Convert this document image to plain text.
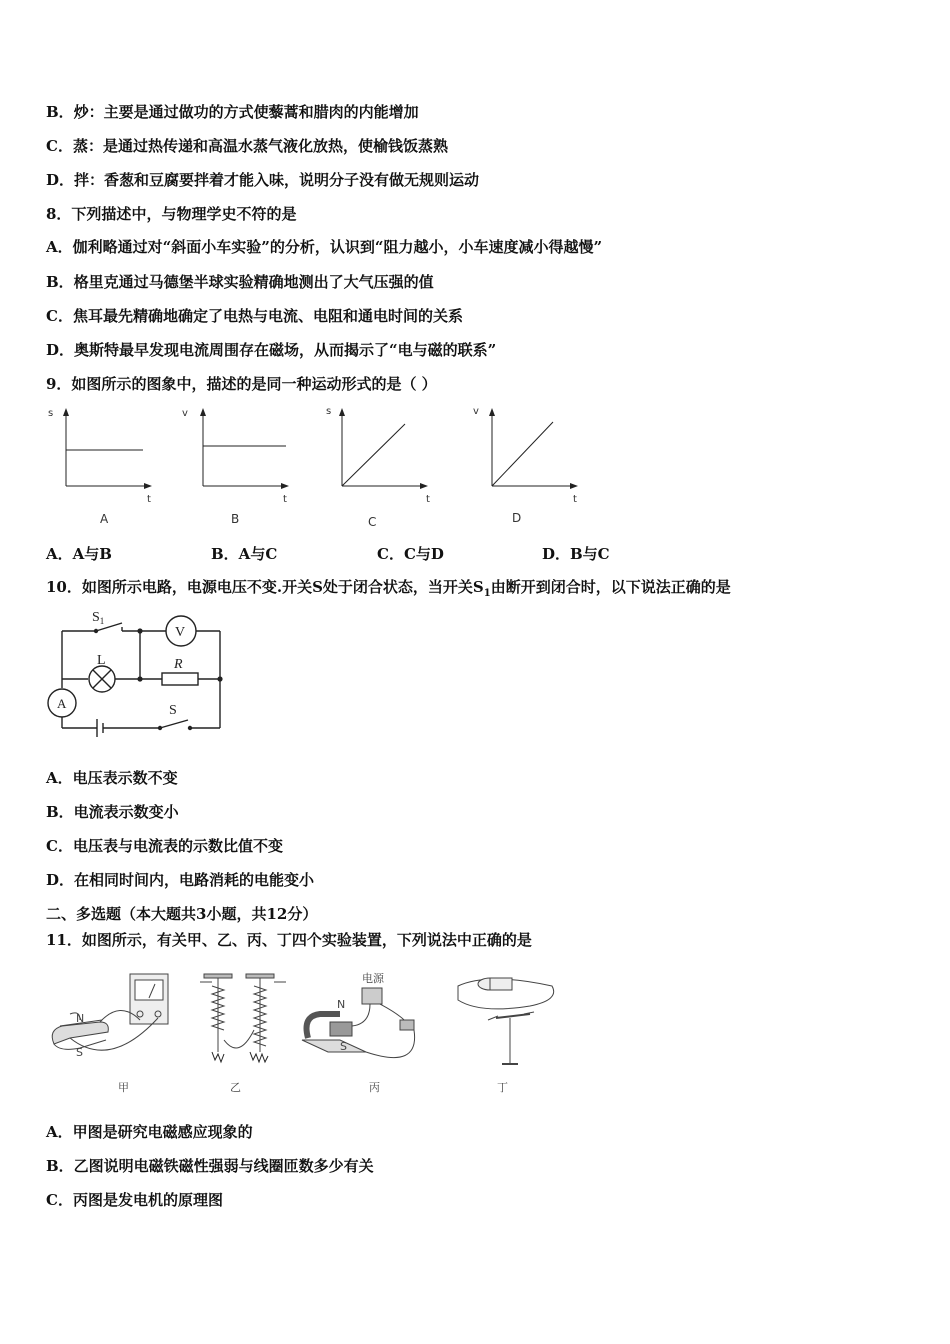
B．炒：主要是通过做功的方式使藜蒿和腊肉的内能增加
C．蒸：是通过热传递和高温水蒸气液化放热，使榆钱饭蒸熟
D．拌：香葱和豆腐要拌着才能入味，说明分子没有做无规则运动
8．下列描述中，与物理学史不符的是
A．伽利略通过对“斜面小车实验”的分析，认识到“阻力越小，小车速度减小得越慢”
B．格里克通过马德堡半球实验精确地测出了大气压强的值
C．焦耳最先精确地确定了电热与电流、电阻和通电时间的关系
D．奥斯特最早发现电流周围存在磁场，从而揭示了“电与磁的联系”
9．如图所示的图象中，描述的是同一种运动形式的是（ ）
s
t
A
v
t
B
s
t
C
v
t
D
A．A与B	B．A与C	C．C与D	D．B与C
10．如图所示电路，电源电压不变.开关S处于闭合状态，当开关$S_1$由断开到闭合时，以下说法正确的是
$S_1$
V
L	R
A	S
A．电压表示数不变
B．电流表示数变小
C．电压表与电流表的示数比值不变
D．在相同时间内，电路消耗的电能变小
二、多选题（本大题共3小题，共12分）
11．如图所示，有关甲、乙、丙、丁四个实验装置，下列说法中正确的是
N
S
甲	乙
N
S
电源
丙	丁
A．甲图是研究电磁感应现象的
B．乙图说明电磁铁磁性强弱与线圈匝数多少有关
C．丙图是发电机的原理图
